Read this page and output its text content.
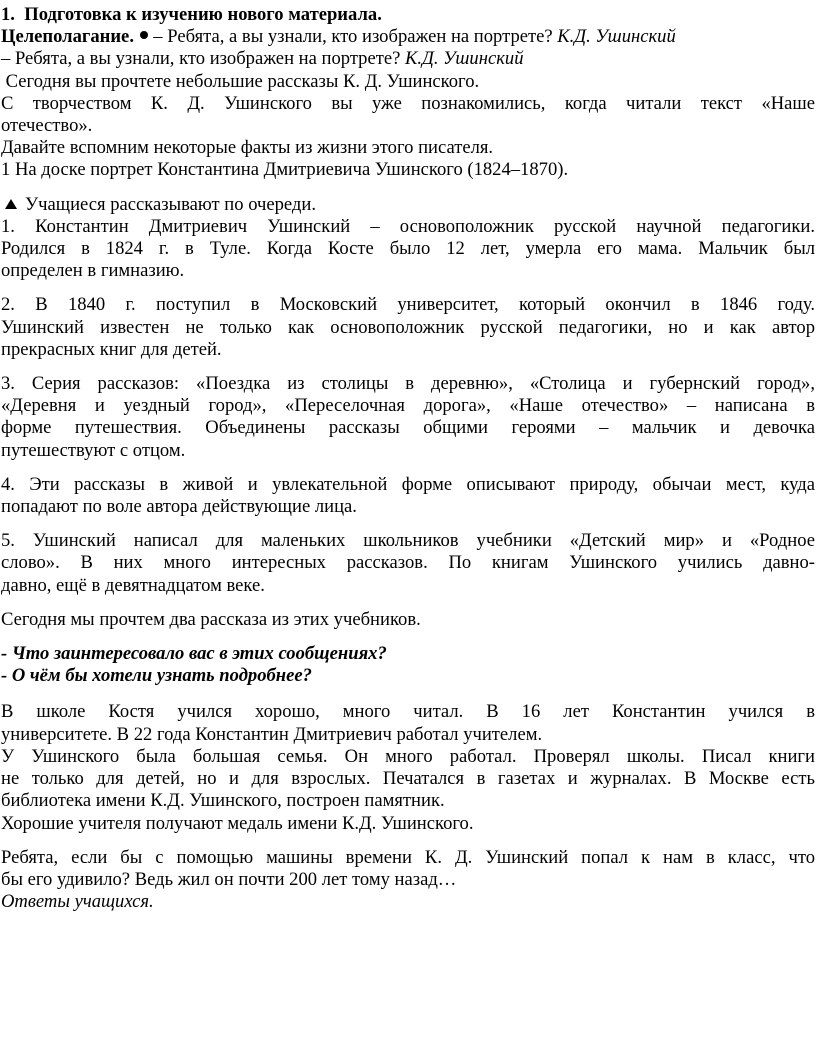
1. Подготовка к изучению нового материала.
Целеполагание. – Ребята, а вы узнали, кто изображен на портрете? К.Д. Ушинский
– Ребята, а вы узнали, кто изображен на портрете? К.Д. Ушинский
Сегодня вы прочтете небольшие рассказы К. Д. Ушинского.
С творчеством К. Д. Ушинского вы уже познакомились, когда читали текст «Наше
отечество».
Давайте вспомним некоторые факты из жизни этого писателя.
1 На доске портрет Константина Дмитриевича Ушинского (1824–1870).
Учащиеся рассказывают по очереди.
1. Константин Дмитриевич Ушинский – основоположник русской научной педагогики.
Родился в 1824 г. в Туле. Когда Косте было 12 лет, умерла его мама. Мальчик был
определен в гимназию.
2. В 1840 г. поступил в Московский университет, который окончил в 1846 году.
Ушинский известен не только как основоположник русской педагогики, но и как автор
прекрасных книг для детей.
3. Серия рассказов: «Поездка из столицы в деревню», «Столица и губернский город»,
«Деревня и уездный город», «Переселочная дорога», «Наше отечество» – написана в
форме путешествия. Объединены рассказы общими героями – мальчик и девочка
путешествуют с отцом.
4. Эти рассказы в живой и увлекательной форме описывают природу, обычаи мест, куда
попадают по воле автора действующие лица.
5. Ушинский написал для маленьких школьников учебники «Детский мир» и «Родное
слово». В них много интересных рассказов. По книгам Ушинского учились давно-
давно, ещё в девятнадцатом веке.
Сегодня мы прочтем два рассказа из этих учебников.
- Что заинтересовало вас в этих сообщениях?
- О чём бы хотели узнать подробнее?
В школе Костя учился хорошо, много читал. В 16 лет Константин учился в
университете. В 22 года Константин Дмитриевич работал учителем.
У Ушинского была большая семья. Он много работал. Проверял школы. Писал книги
не только для детей, но и для взрослых. Печатался в газетах и журналах. В Москве есть
библиотека имени К.Д. Ушинского, построен памятник.
Хорошие учителя получают медаль имени К.Д. Ушинского.
Ребята, если бы с помощью машины времени К. Д. Ушинский попал к нам в класс, что
бы его удивило? Ведь жил он почти 200 лет тому назад…
Ответы учащихся.
